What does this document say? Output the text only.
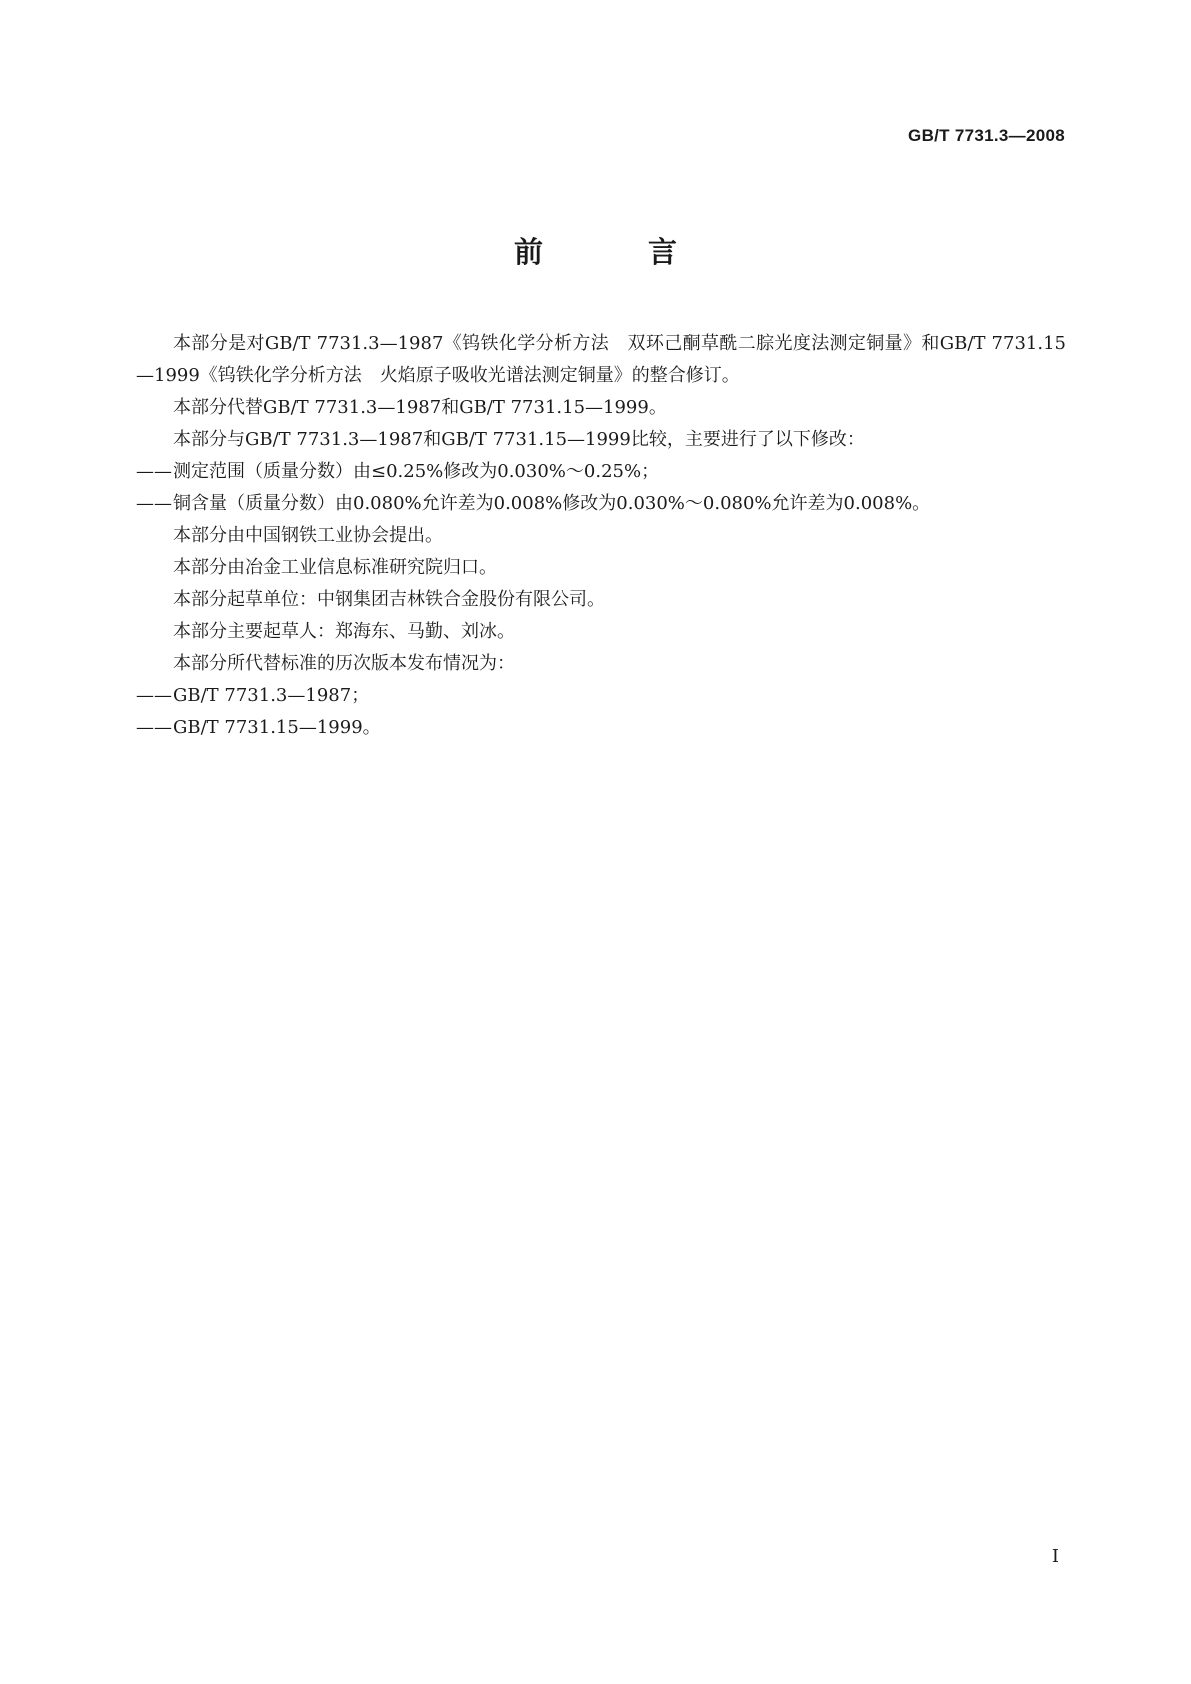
GB/T 7731.3—2008
前　言

本部分是对GB/T 7731.3—1987《钨铁化学分析方法　双环己酮草酰二腙光度法测定铜量》和GB/T 7731.15—1999《钨铁化学分析方法　火焰原子吸收光谱法测定铜量》的整合修订。

本部分代替GB/T 7731.3—1987和GB/T 7731.15—1999。

本部分与GB/T 7731.3—1987和GB/T 7731.15—1999比较，主要进行了以下修改：

——测定范围（质量分数）由≤0.25%修改为0.030%～0.25%；

——铜含量（质量分数）由0.080%允许差为0.008%修改为0.030%～0.080%允许差为0.008%。

本部分由中国钢铁工业协会提出。

本部分由冶金工业信息标准研究院归口。

本部分起草单位：中钢集团吉林铁合金股份有限公司。

本部分主要起草人：郑海东、马勤、刘冰。

本部分所代替标准的历次版本发布情况为：

——GB/T 7731.3—1987；

——GB/T 7731.15—1999。

I
